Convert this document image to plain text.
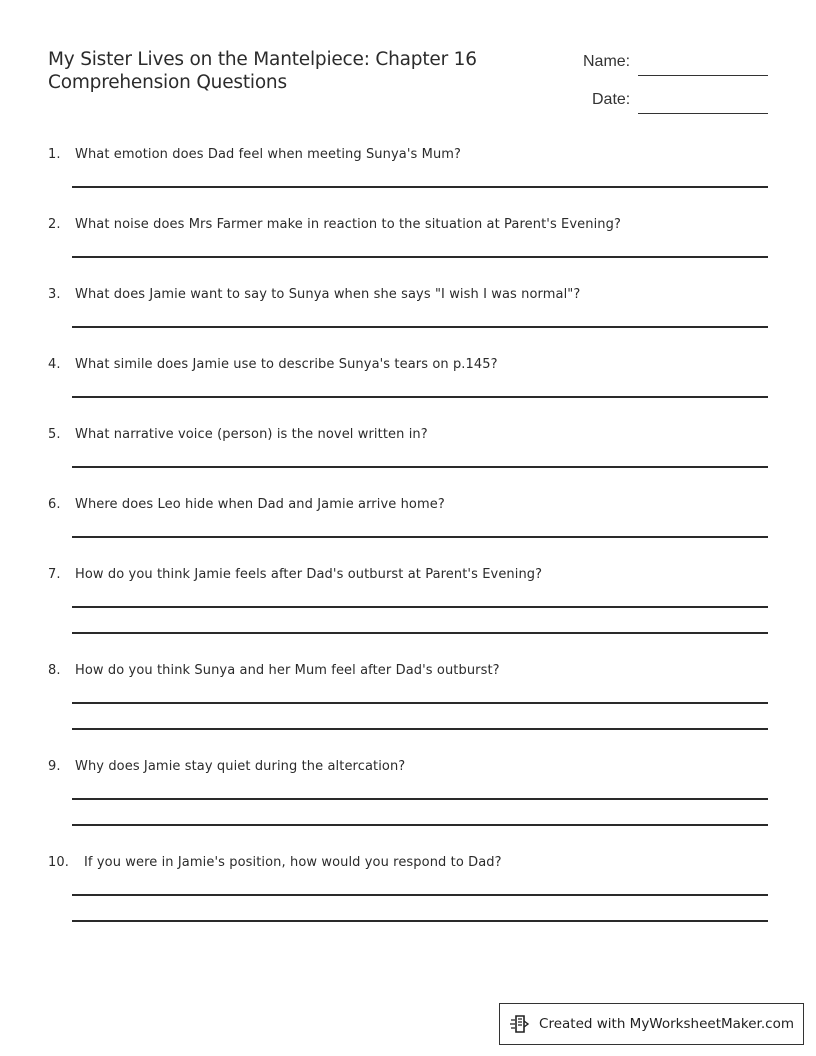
My Sister Lives on the Mantelpiece: Chapter 16
Comprehension Questions
Name:
Date:
1. What emotion does Dad feel when meeting Sunya's Mum?
2. What noise does Mrs Farmer make in reaction to the situation at Parent's Evening?
3. What does Jamie want to say to Sunya when she says "I wish I was normal"?
4. What simile does Jamie use to describe Sunya's tears on p.145?
5. What narrative voice (person) is the novel written in?
6. Where does Leo hide when Dad and Jamie arrive home?
7. How do you think Jamie feels after Dad's outburst at Parent's Evening?
8. How do you think Sunya and her Mum feel after Dad's outburst?
9. Why does Jamie stay quiet during the altercation?
10. If you were in Jamie's position, how would you respond to Dad?
Created with MyWorksheetMaker.com
